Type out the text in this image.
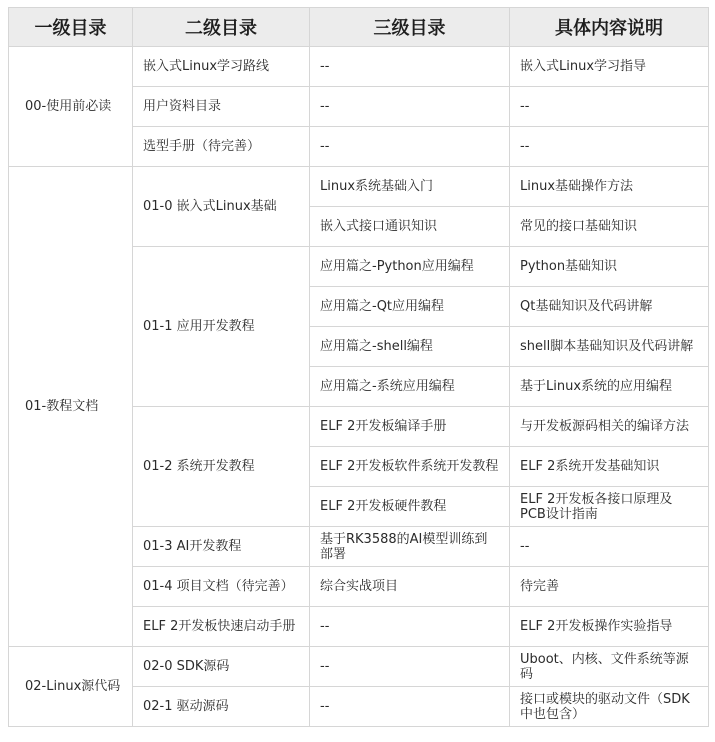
一级目录	二级目录	三级目录	具体内容说明
00-使用前必读	嵌入式Linux学习路线	--	嵌入式Linux学习指导
	用户资料目录	--	--
	选型手册（待完善）	--	--
01-教程文档	01-0 嵌入式Linux基础	Linux系统基础入门	Linux基础操作方法
		嵌入式接口通识知识	常见的接口基础知识
	01-1 应用开发教程	应用篇之-Python应用编程	Python基础知识
		应用篇之-Qt应用编程	Qt基础知识及代码讲解
		应用篇之-shell编程	shell脚本基础知识及代码讲解
		应用篇之-系统应用编程	基于Linux系统的应用编程
	01-2 系统开发教程	ELF 2开发板编译手册	与开发板源码相关的编译方法
		ELF 2开发板软件系统开发教程	ELF 2系统开发基础知识
		ELF 2开发板硬件教程	ELF 2开发板各接口原理及PCB设计指南
	01-3 AI开发教程	基于RK3588的AI模型训练到部署	--
	01-4 项目文档（待完善）	综合实战项目	待完善
	ELF 2开发板快速启动手册	--	ELF 2开发板操作实验指导
02-Linux源代码	02-0 SDK源码	--	Uboot、内核、文件系统等源码
	02-1 驱动源码	--	接口或模块的驱动文件（SDK中也包含）
